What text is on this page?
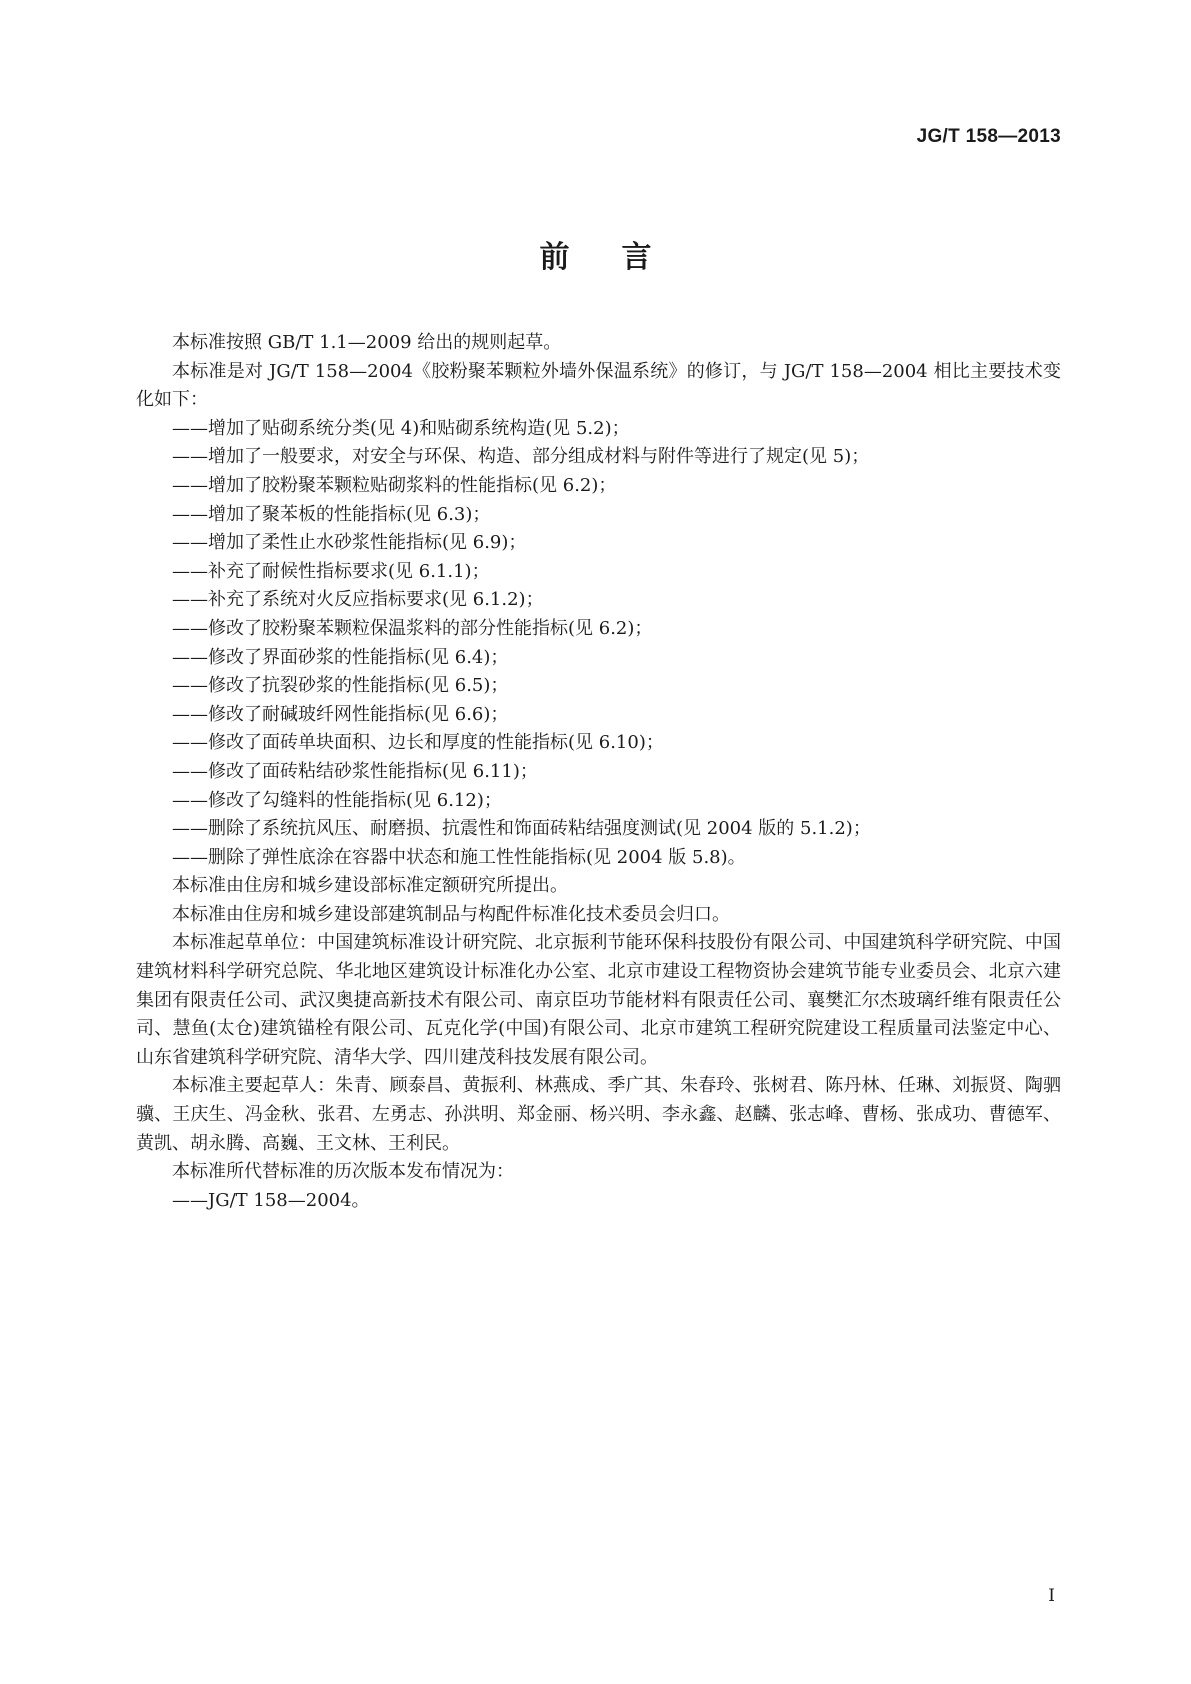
JG/T 158—2013
前言

本标准按照 GB/T 1.1—2009 给出的规则起草。

本标准是对 JG/T 158—2004《胶粉聚苯颗粒外墙外保温系统》的修订，与 JG/T 158—2004 相比主要技术变化如下：

——增加了贴砌系统分类(见 4)和贴砌系统构造(见 5.2)；
——增加了一般要求，对安全与环保、构造、部分组成材料与附件等进行了规定(见 5)；
——增加了胶粉聚苯颗粒贴砌浆料的性能指标(见 6.2)；
——增加了聚苯板的性能指标(见 6.3)；
——增加了柔性止水砂浆性能指标(见 6.9)；
——补充了耐候性指标要求(见 6.1.1)；
——补充了系统对火反应指标要求(见 6.1.2)；
——修改了胶粉聚苯颗粒保温浆料的部分性能指标(见 6.2)；
——修改了界面砂浆的性能指标(见 6.4)；
——修改了抗裂砂浆的性能指标(见 6.5)；
——修改了耐碱玻纤网性能指标(见 6.6)；
——修改了面砖单块面积、边长和厚度的性能指标(见 6.10)；
——修改了面砖粘结砂浆性能指标(见 6.11)；
——修改了勾缝料的性能指标(见 6.12)；
——删除了系统抗风压、耐磨损、抗震性和饰面砖粘结强度测试(见 2004 版的 5.1.2)；
——删除了弹性底涂在容器中状态和施工性性能指标(见 2004 版 5.8)。

本标准由住房和城乡建设部标准定额研究所提出。

本标准由住房和城乡建设部建筑制品与构配件标准化技术委员会归口。

本标准起草单位：中国建筑标准设计研究院、北京振利节能环保科技股份有限公司、中国建筑科学研究院、中国建筑材料科学研究总院、华北地区建筑设计标准化办公室、北京市建设工程物资协会建筑节能专业委员会、北京六建集团有限责任公司、武汉奥捷高新技术有限公司、南京臣功节能材料有限责任公司、襄樊汇尔杰玻璃纤维有限责任公司、慧鱼(太仓)建筑锚栓有限公司、瓦克化学(中国)有限公司、北京市建筑工程研究院建设工程质量司法鉴定中心、山东省建筑科学研究院、清华大学、四川建茂科技发展有限公司。

本标准主要起草人：朱青、顾泰昌、黄振利、林燕成、季广其、朱春玲、张树君、陈丹林、任琳、刘振贤、陶驷骥、王庆生、冯金秋、张君、左勇志、孙洪明、郑金丽、杨兴明、李永鑫、赵麟、张志峰、曹杨、张成功、曹德军、黄凯、胡永腾、高巍、王文林、王利民。

本标准所代替标准的历次版本发布情况为：

——JG/T 158—2004。
I
